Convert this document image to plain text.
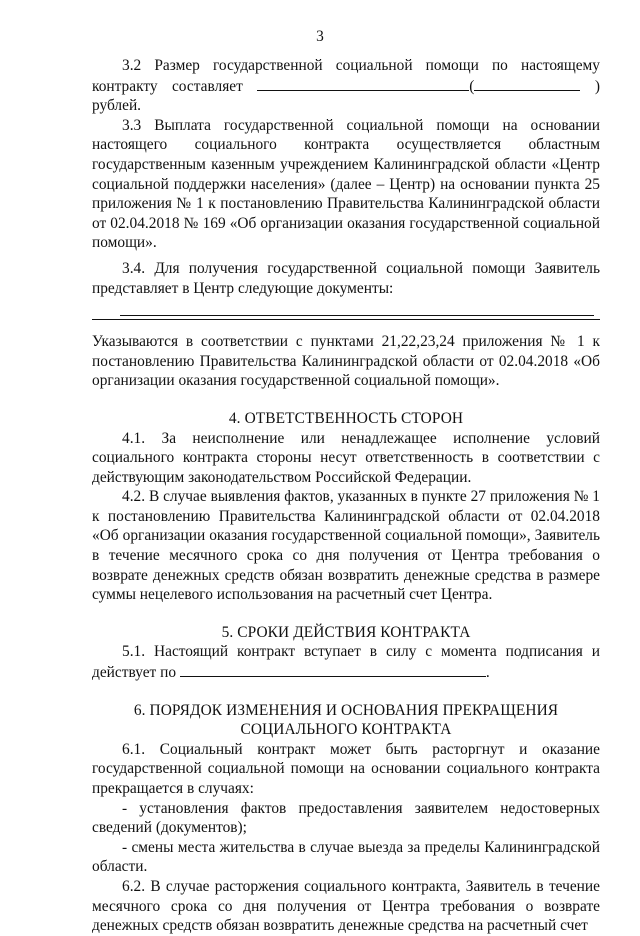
3

3.2 Размер государственной социальной помощи по настоящему контракту составляет	(	) рублей.

3.3 Выплата государственной социальной помощи на основании настоящего социального контракта осуществляется областным государственным казенным учреждением Калининградской области «Центр социальной поддержки населения» (далее – Центр) на основании пункта 25 приложения № 1 к постановлению Правительства Калининградской области от 02.04.2018 № 169 «Об организации оказания государственной социальной помощи».

3.4. Для получения государственной социальной помощи Заявитель представляет в Центр следующие документы:

Указываются в соответствии с пунктами 21,22,23,24 приложения № 1 к постановлению Правительства Калининградской области от 02.04.2018 «Об организации оказания государственной социальной помощи».

4. ОТВЕТСТВЕННОСТЬ СТОРОН

4.1. За неисполнение или ненадлежащее исполнение условий социального контракта стороны несут ответственность в соответствии с действующим законодательством Российской Федерации.

4.2. В случае выявления фактов, указанных в пункте 27 приложения № 1 к постановлению Правительства Калининградской области от 02.04.2018 «Об организации оказания государственной социальной помощи», Заявитель в течение месячного срока со дня получения от Центра требования о возврате денежных средств обязан возвратить денежные средства в размере суммы нецелевого использования на расчетный счет Центра.

5. СРОКИ ДЕЙСТВИЯ КОНТРАКТА

5.1. Настоящий контракт вступает в силу с момента подписания и действует по	.

6. ПОРЯДОК ИЗМЕНЕНИЯ И ОСНОВАНИЯ ПРЕКРАЩЕНИЯ

СОЦИАЛЬНОГО КОНТРАКТА

6.1. Социальный контракт может быть расторгнут и оказание государственной социальной помощи на основании социального контракта прекращается в случаях:

- установления фактов предоставления заявителем недостоверных сведений (документов);

- смены места жительства в случае выезда за пределы Калининградской области.

6.2. В случае расторжения социального контракта, Заявитель в течение месячного срока со дня получения от Центра требования о возврате денежных средств обязан возвратить денежные средства на расчетный счет
